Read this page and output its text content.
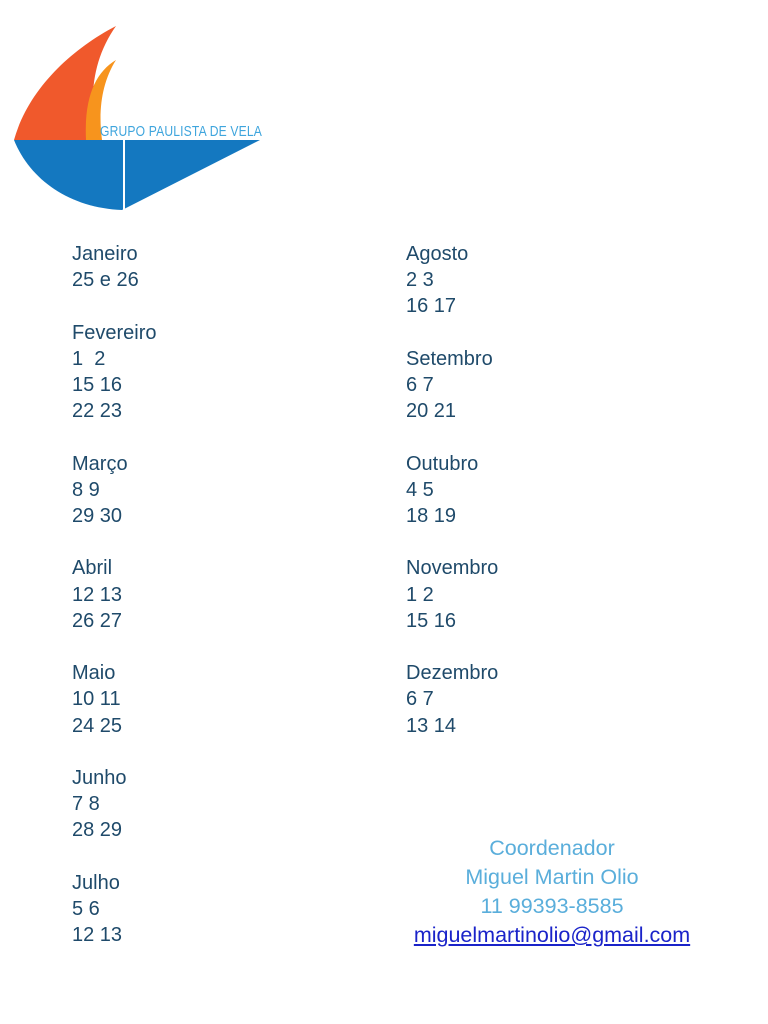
GRUPO PAULISTA DE VELA
Janeiro
25 e 26
Fevereiro
1  2
15 16
22 23
Março
8 9
29 30
Abril
12 13
26 27
Maio
10 11
24 25
Junho
7 8
28 29
Julho
5 6
12 13
Agosto
2 3
16 17
Setembro
6 7
20 21
Outubro
4 5
18 19
Novembro
1 2
15 16
Dezembro
6 7
13 14
Coordenador
Miguel Martin Olio
11 99393-8585
miguelmartinolio@gmail.com
